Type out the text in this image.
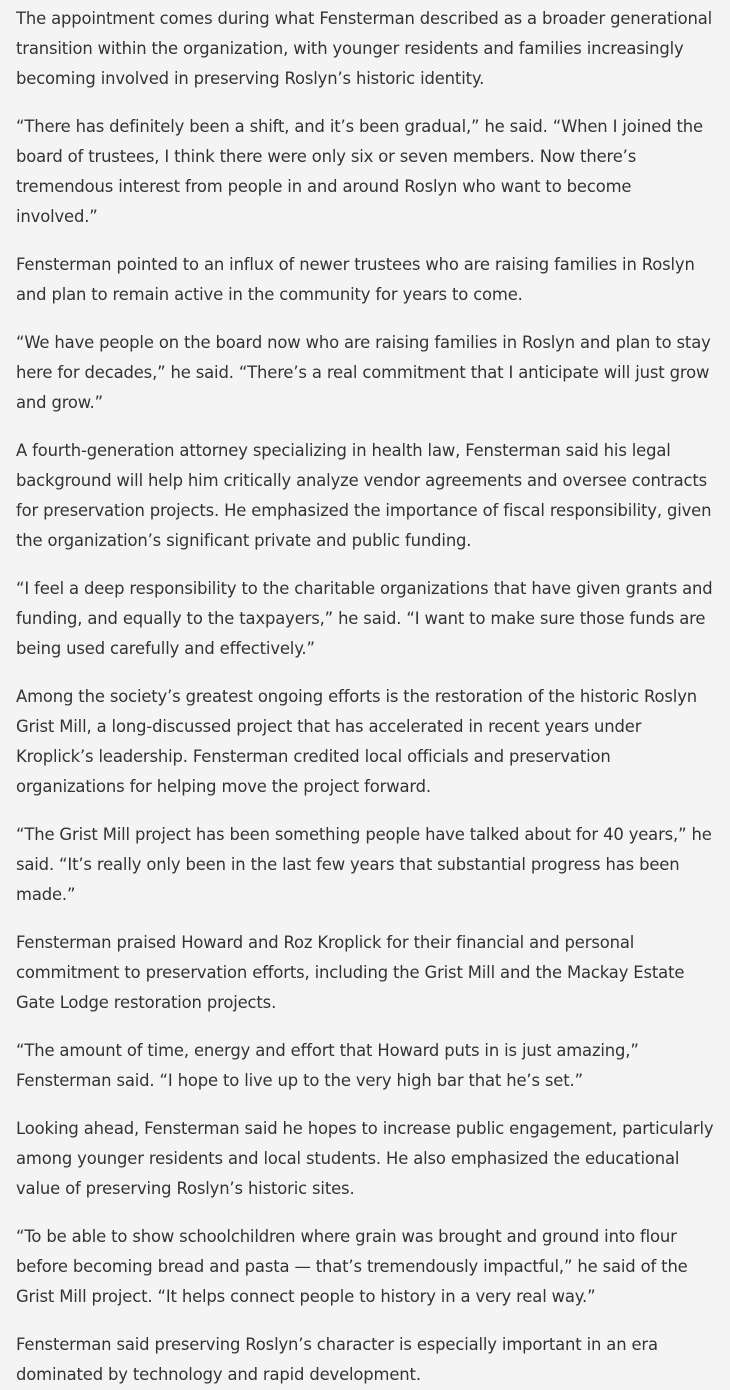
The appointment comes during what Fensterman described as a broader generational transition within the organization, with younger residents and families increasingly becoming involved in preserving Roslyn’s historic identity.

“There has definitely been a shift, and it’s been gradual,” he said. “When I joined the board of trustees, I think there were only six or seven members. Now there’s tremendous interest from people in and around Roslyn who want to become involved.”

Fensterman pointed to an influx of newer trustees who are raising families in Roslyn and plan to remain active in the community for years to come.

“We have people on the board now who are raising families in Roslyn and plan to stay here for decades,” he said. “There’s a real commitment that I anticipate will just grow and grow.”

A fourth-generation attorney specializing in health law, Fensterman said his legal background will help him critically analyze vendor agreements and oversee contracts for preservation projects. He emphasized the importance of fiscal responsibility, given the organization’s significant private and public funding.

“I feel a deep responsibility to the charitable organizations that have given grants and funding, and equally to the taxpayers,” he said. “I want to make sure those funds are being used carefully and effectively.”

Among the society’s greatest ongoing efforts is the restoration of the historic Roslyn Grist Mill, a long-discussed project that has accelerated in recent years under Kroplick’s leadership. Fensterman credited local officials and preservation organizations for helping move the project forward.

“The Grist Mill project has been something people have talked about for 40 years,” he said. “It’s really only been in the last few years that substantial progress has been made.”

Fensterman praised Howard and Roz Kroplick for their financial and personal commitment to preservation efforts, including the Grist Mill and the Mackay Estate Gate Lodge restoration projects.

“The amount of time, energy and effort that Howard puts in is just amazing,” Fensterman said. “I hope to live up to the very high bar that he’s set.”

Looking ahead, Fensterman said he hopes to increase public engagement, particularly among younger residents and local students. He also emphasized the educational value of preserving Roslyn’s historic sites.

“To be able to show schoolchildren where grain was brought and ground into flour before becoming bread and pasta — that’s tremendously impactful,” he said of the Grist Mill project. “It helps connect people to history in a very real way.”

Fensterman said preserving Roslyn’s character is especially important in an era dominated by technology and rapid development.
